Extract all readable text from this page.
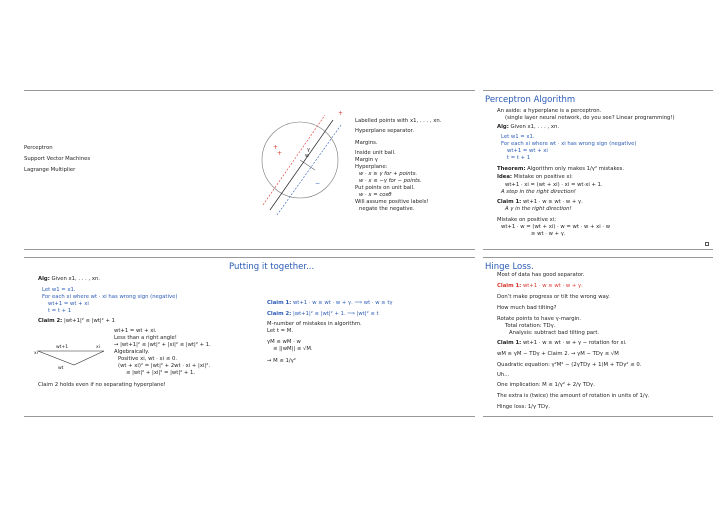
Perceptron
Support Vector Machines
Lagrange Multiplier
γ
w
+
+
+
−
Labelled points with x1, . . . , xn.
Hyperplane separator.
Margins.
Inside unit ball.
Margin γ
Hyperplane:
w · x ≥ γ for + points.
w · x ≤ −γ for − points.
Put points on unit ball.
w · x = cosθ
Will assume positive labels!
negate the negative.
Perceptron Algorithm
An aside: a hyperplane is a perceptron.
(single layer neural network, do you see? Linear programming!)
Alg: Given x1, . . . , xn.
Let w1 = x1.
For each xi where wt · xi has wrong sign (negative)
wt+1 = wt + xi
t = t + 1
Theorem: Algorithm only makes 1/γ² mistakes.
Idea: Mistake on positive xi:
wt+1 · xi = (wt + xi) · xi = wt·xi + 1.
A step in the right direction!
Claim 1: wt+1 · w ≥ wt · w + γ.
A γ in the right direction!
Mistake on positive xi;
wt+1 · w = (wt + xi) · w = wt · w + xi · w
≥ wt · w + γ.
Alg: Given x1, . . . , xn.
Let w1 = x1.
For each xi where wt · xi has wrong sign (negative)
wt+1 = wt + xi
t = t + 1
Claim 2: |wt+1|² ≤ |wt|² + 1
wt+1	xi
xi
wt
wt+1 = wt + xi.
Less than a right angle!
→ |wt+1|² ≤ |wt|² + |xi|² ≤ |wt|² + 1.
Algebraically.
Positive xi, wt · xi ≤ 0.
(wt + xi)² = |wt|² + 2wt · xi + |xi|².
≤ |wt|² + |xi|² = |wt|² + 1.
Claim 2 holds even if no separating hyperplane!
Putting it together...
Claim 1: wt+1 · w ≥ wt · w + γ. ⟹ wt · w ≥ tγ
Claim 2: |wt+1|² ≤ |wt|² + 1. ⟹ |wt|² ≤ t
M-number of mistakes in algorithm.
Let t = M.
γM ≤ wM · w
≤ ||wM|| ≤ √M.
→ M ≤ 1/γ²
Hinge Loss.
Most of data has good separator.
Claim 1: wt+1 · w ≥ wt · w + γ.
Don’t make progress or tilt the wrong way.
How much bad tilting?
Rotate points to have γ-margin.
Total rotation: TDγ.
Analysis: subtract bad tilting part.
Claim 1: wt+1 · w ≥ wt · w + γ − rotation for xi.
wM ≥ γM − TDγ + Claim 2. → γM − TDγ ≤ √M
Quadratic equation: γ²M² − (2γTDγ + 1)M + TDγ² ≤ 0.
Uh...
One implication: M ≤ 1/γ² + 2/γ TDγ.
The extra is (twice) the amount of rotation in units of 1/γ.
Hinge loss: 1/γ TDγ.
